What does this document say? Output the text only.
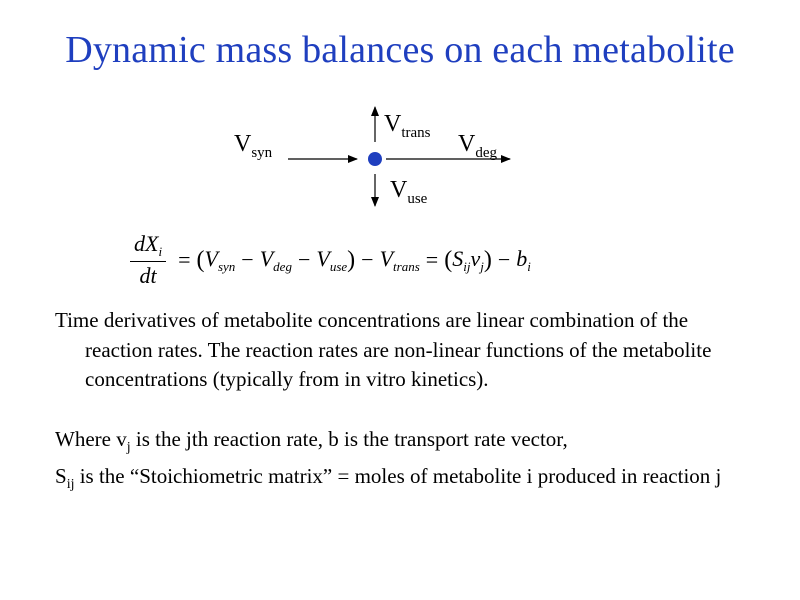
Dynamic mass balances on each metabolite
$V_{syn}$
$V_{trans}$ $V_{deg}$
$V_{use}$
$\frac{dX_i}{dt}$ = ( $V_{syn} - V_{deg} - V_{use}$ ) − $V_{trans}$ = ( $S_{ij}$ $v_j$ ) − $b_i$

Time derivatives of metabolite concentrations are linear combination of the reaction rates. The reaction rates are non-linear functions of the metabolite concentrations (typically from in vitro kinetics).

Where $v_j$ is the jth reaction rate, b is the transport rate vector,

$S_{ij}$ is the “Stoichiometric matrix” = moles of metabolite i produced in reaction j
